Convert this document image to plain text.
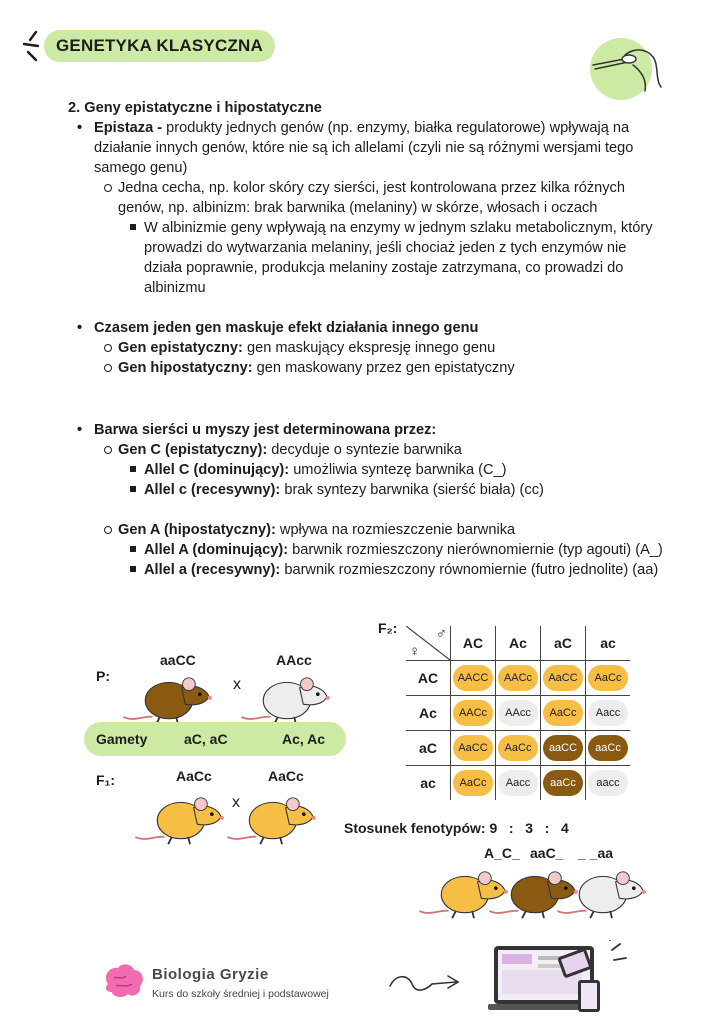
GENETYKA KLASYCZNA

2. Geny epistatyczne i hipostatyczne

• Epistaza - produkty jednych genów (np. enzymy, białka regulatorowe) wpływają na działanie innych genów, które nie są ich allelami (czyli nie są różnymi wersjami tego samego genu)
Jedna cecha, np. kolor skóry czy sierści, jest kontrolowana przez kilka różnych genów, np. albinizm: brak barwnika (melaniny) w skórze, włosach i oczach
W albinizmie geny wpływają na enzymy w jednym szlaku metabolicznym, który prowadzi do wytwarzania melaniny, jeśli chociaż jeden z tych enzymów nie działa poprawnie, produkcja melaniny zostaje zatrzymana, co prowadzi do albinizmu
• Czasem jeden gen maskuje efekt działania innego genu
Gen epistatyczny: gen maskujący ekspresję innego genu
Gen hipostatyczny: gen maskowany przez gen epistatyczny
• Barwa sierści u myszy jest determinowana przez:
Gen C (epistatyczny): decyduje o syntezie barwnika
Allel C (dominujący): umożliwia syntezę barwnika (C_)
Allel c (recesywny): brak syntezy barwnika (sierść biała) (cc)
Gen A (hipostatyczny): wpływa na rozmieszczenie barwnika
Allel A (dominujący): barwnik rozmieszczony nierównomiernie (typ agouti) (A_)
Allel a (recesywny): barwnik rozmieszczony równomiernie (futro jednolite) (aa)
P:
aaCC	AAcc
x
Gamety	aC, aC	Ac, Ac
F₁:	AaCc	AaCc
x
F₂:	♂
♀	AC	Ac	aC	ac
AC	AACC	AACc	AaCC	AaCc
Ac	AACc	AAcc	AaCc	Aacc
aC	AaCC	AaCc	aaCC	aaCc
ac	AaCc	Aacc	aaCc	aacc
Stosunek fenotypów: 9   :   3   :   4
A_C_ aaC_ _ _aa
Biologia Gryzie
Kurs do szkoły średniej i podstawowej
